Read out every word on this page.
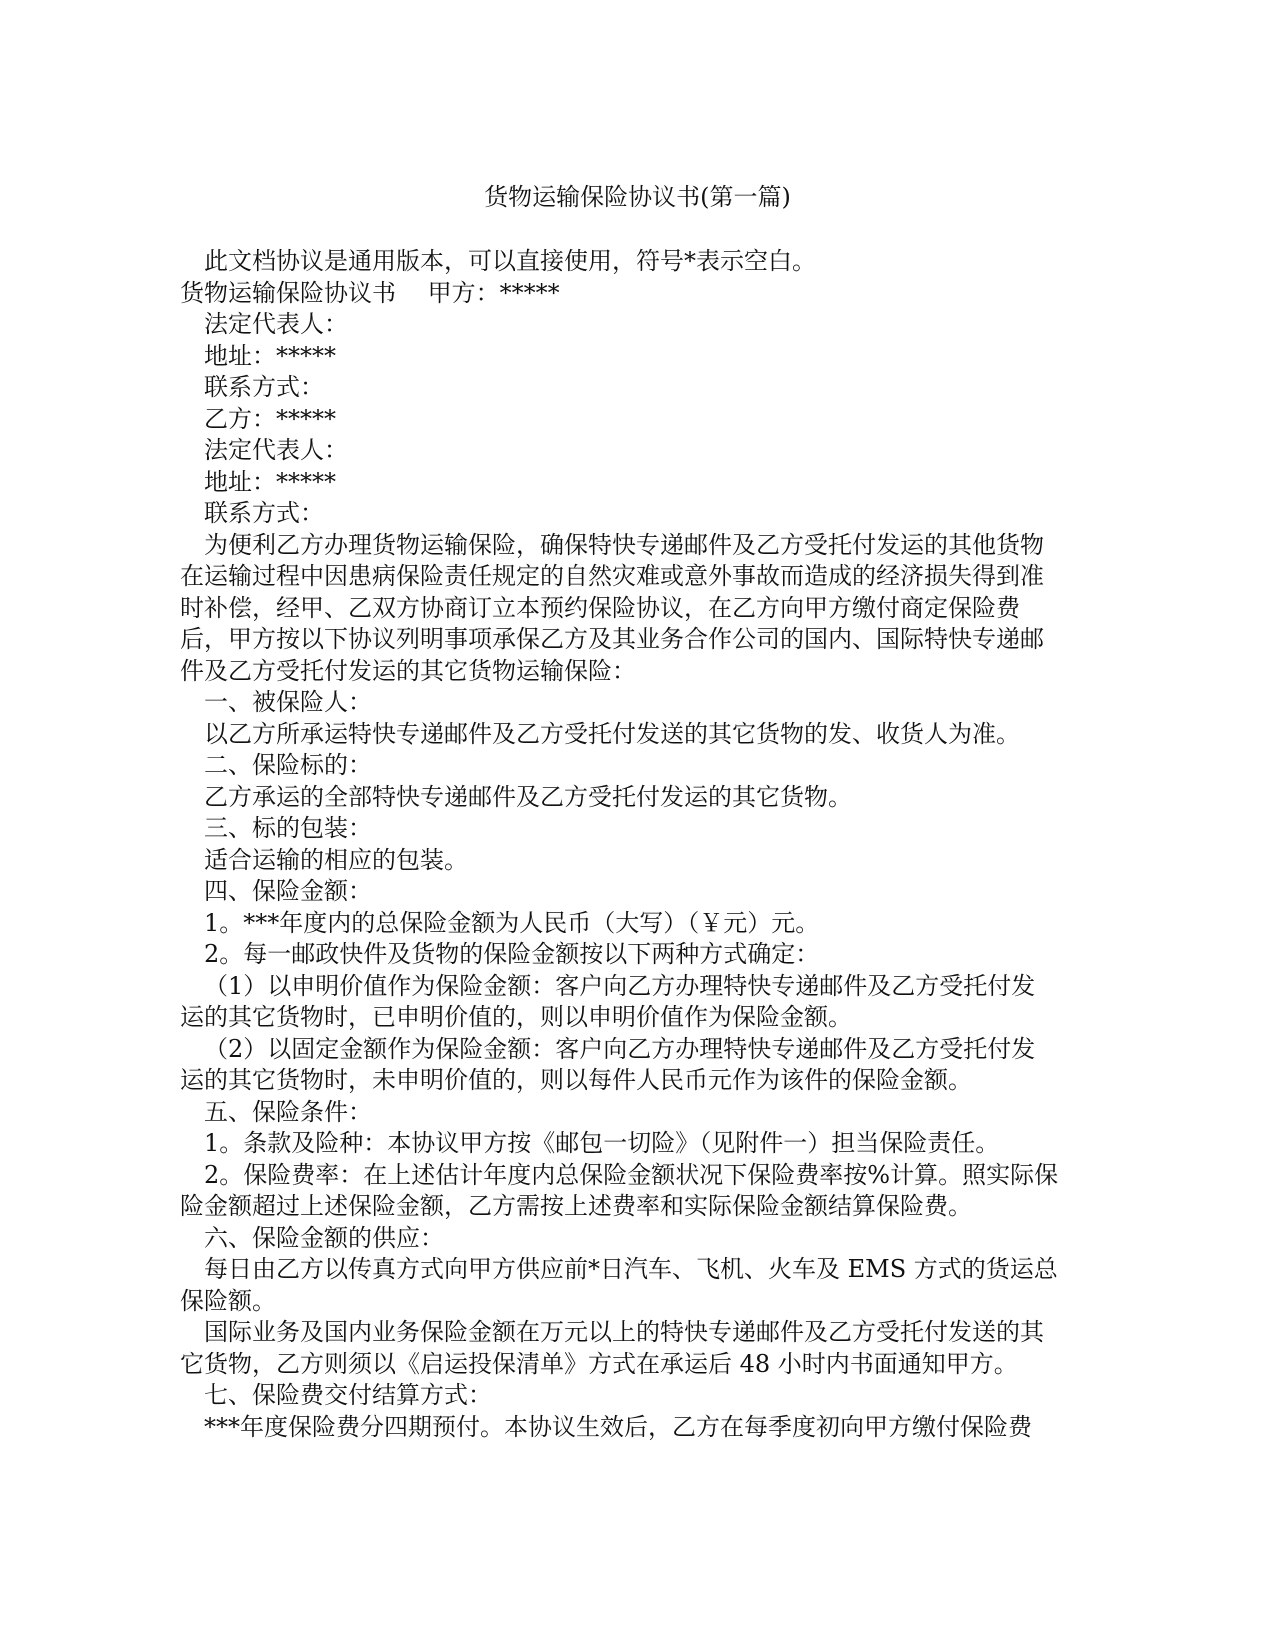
货物运输保险协议书(第一篇)

此文档协议是通用版本，可以直接使用，符号*表示空白。

货物运输保险协议书　 甲方：*****

法定代表人：

地址：*****

联系方式：

乙方：*****

法定代表人：

地址：*****

联系方式：

为便利乙方办理货物运输保险，确保特快专递邮件及乙方受托付发运的其他货物

在运输过程中因患病保险责任规定的自然灾难或意外事故而造成的经济损失得到准

时补偿，经甲、乙双方协商订立本预约保险协议，在乙方向甲方缴付商定保险费

后，甲方按以下协议列明事项承保乙方及其业务合作公司的国内、国际特快专递邮

件及乙方受托付发运的其它货物运输保险：

一、被保险人：

以乙方所承运特快专递邮件及乙方受托付发送的其它货物的发、收货人为准。

二、保险标的：

乙方承运的全部特快专递邮件及乙方受托付发运的其它货物。

三、标的包装：

适合运输的相应的包装。

四、保险金额：

1。***年度内的总保险金额为人民币（大写）（￥元）元。

2。每一邮政快件及货物的保险金额按以下两种方式确定：

（1）以申明价值作为保险金额：客户向乙方办理特快专递邮件及乙方受托付发

运的其它货物时，已申明价值的，则以申明价值作为保险金额。

（2）以固定金额作为保险金额：客户向乙方办理特快专递邮件及乙方受托付发

运的其它货物时，未申明价值的，则以每件人民币元作为该件的保险金额。

五、保险条件：

1。条款及险种：本协议甲方按《邮包一切险》（见附件一）担当保险责任。

2。保险费率：在上述估计年度内总保险金额状况下保险费率按%计算。照实际保

险金额超过上述保险金额，乙方需按上述费率和实际保险金额结算保险费。

六、保险金额的供应：

每日由乙方以传真方式向甲方供应前*日汽车、飞机、火车及 EMS 方式的货运总

保险额。

国际业务及国内业务保险金额在万元以上的特快专递邮件及乙方受托付发送的其

它货物，乙方则须以《启运投保清单》方式在承运后 48 小时内书面通知甲方。

七、保险费交付结算方式：

***年度保险费分四期预付。本协议生效后，乙方在每季度初向甲方缴付保险费
